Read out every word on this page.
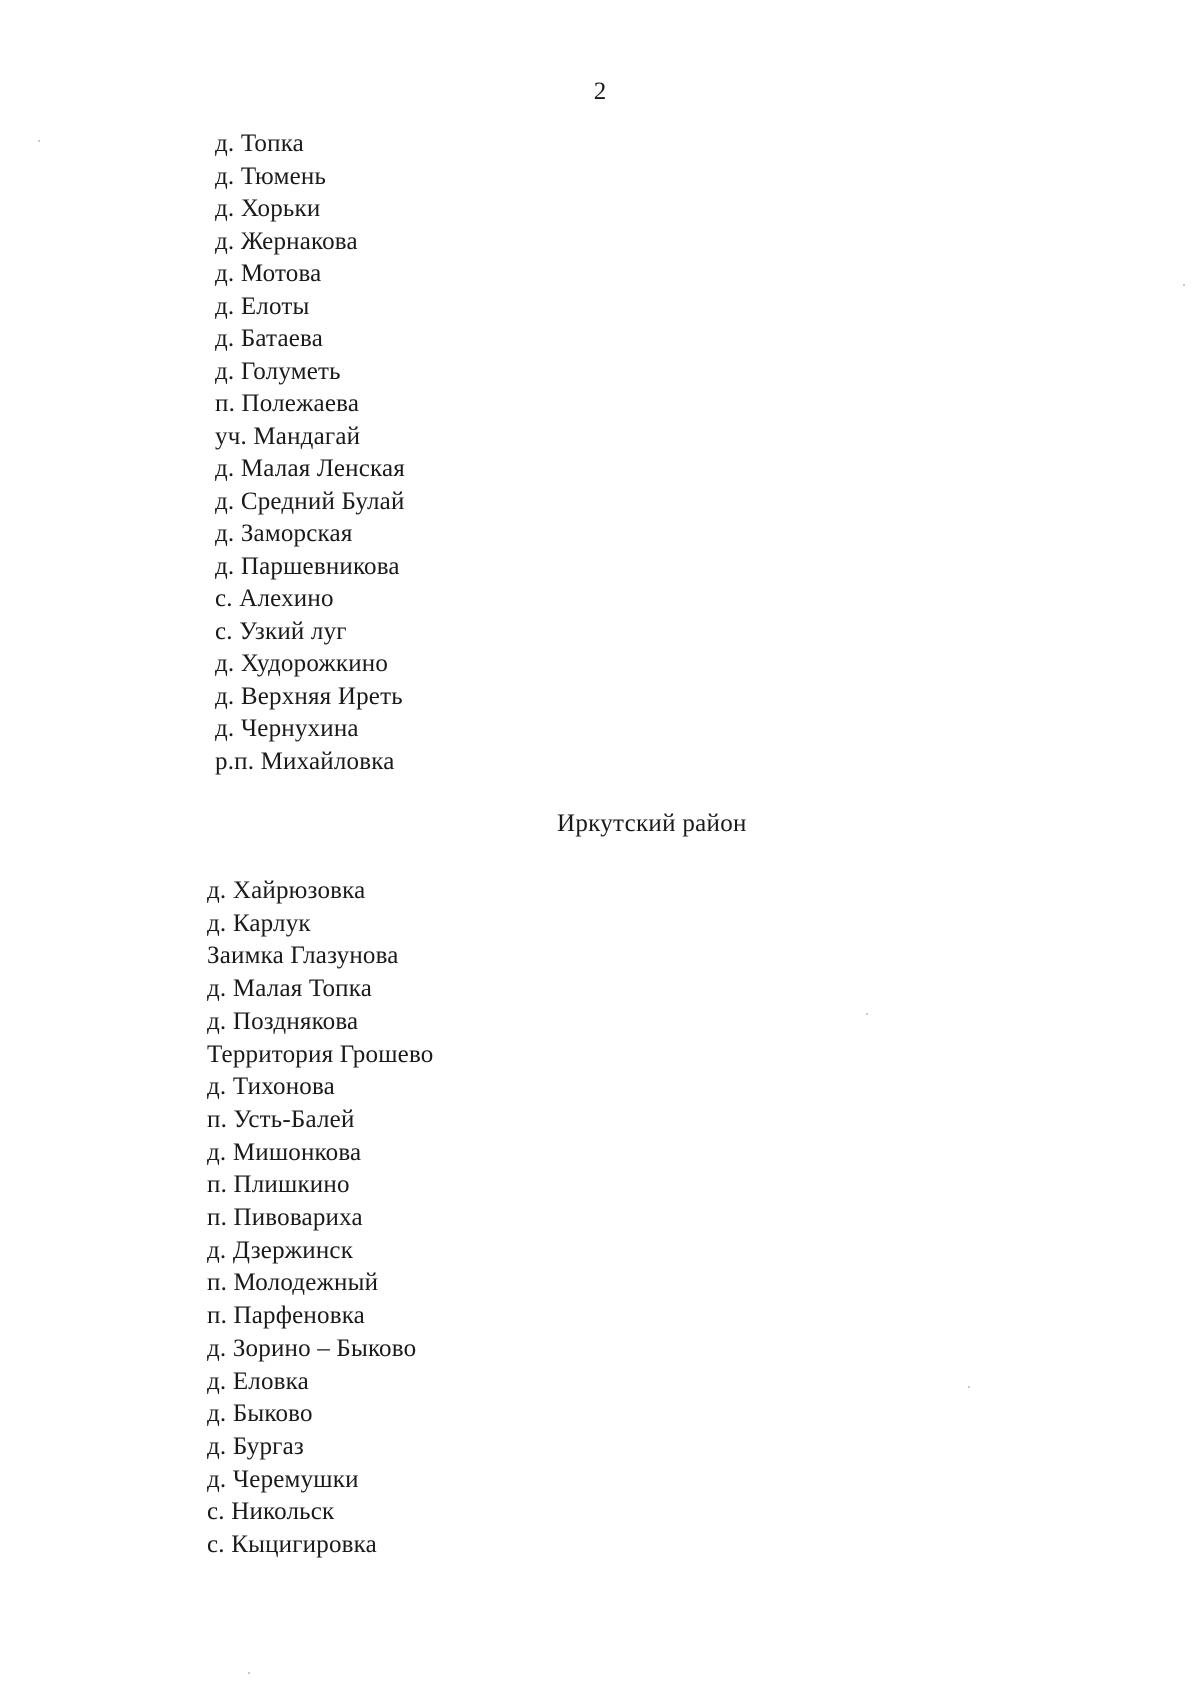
2
д. Топка
д. Тюмень
д. Хорьки
д. Жернакова
д. Мотова
д. Елоты
д. Батаева
д. Голуметь
п. Полежаева
уч. Мандагай
д. Малая Ленская
д. Средний Булай
д. Заморская
д. Паршевникова
с. Алехино
с. Узкий луг
д. Худорожкино
д. Верхняя Иреть
д. Чернухина
р.п. Михайловка
Иркутский район
д. Хайрюзовка
д. Карлук
Заимка Глазунова
д. Малая Топка
д. Позднякова
Территория Грошево
д. Тихонова
п. Усть-Балей
д. Мишонкова
п. Плишкино
п. Пивовариха
д. Дзержинск
п. Молодежный
п. Парфеновка
д. Зорино – Быково
д. Еловка
д. Быково
д. Бургаз
д. Черемушки
с. Никольск
с. Кыцигировка
